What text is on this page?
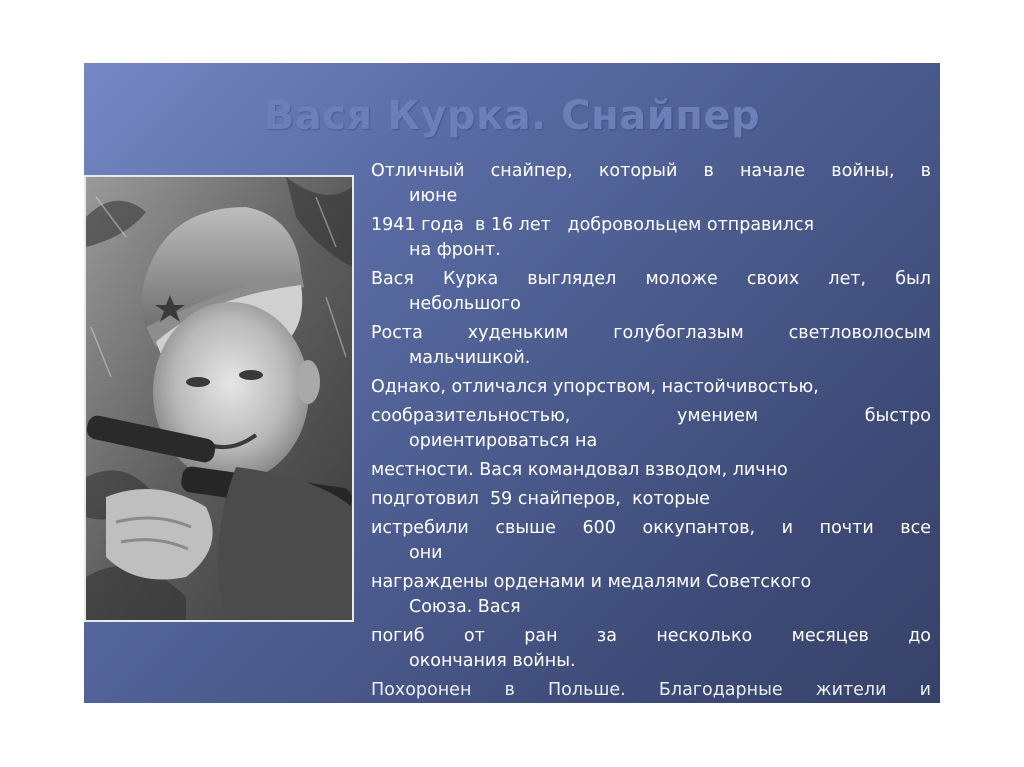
Вася Курка. Снайпер

Отличный снайпер, который в начале войны, в
июне

1941 года  в 16 лет   добровольцем отправился
на фронт.

Вася Курка выглядел моложе своих лет, был
небольшого

Роста худеньким голубоглазым светловолосым
мальчишкой.

Однако, отличался упорством, настойчивостью,

сообразительностью, умением быстро
ориентироваться на

местности. Вася командовал взводом, лично

подготовил  59 снайперов,  которые

истребили свыше 600 оккупантов, и почти все
они

награждены орденами и медалями Советского
Союза. Вася

погиб от ран за несколько месяцев до
окончания войны.

Похоронен в Польше. Благодарные жители и
